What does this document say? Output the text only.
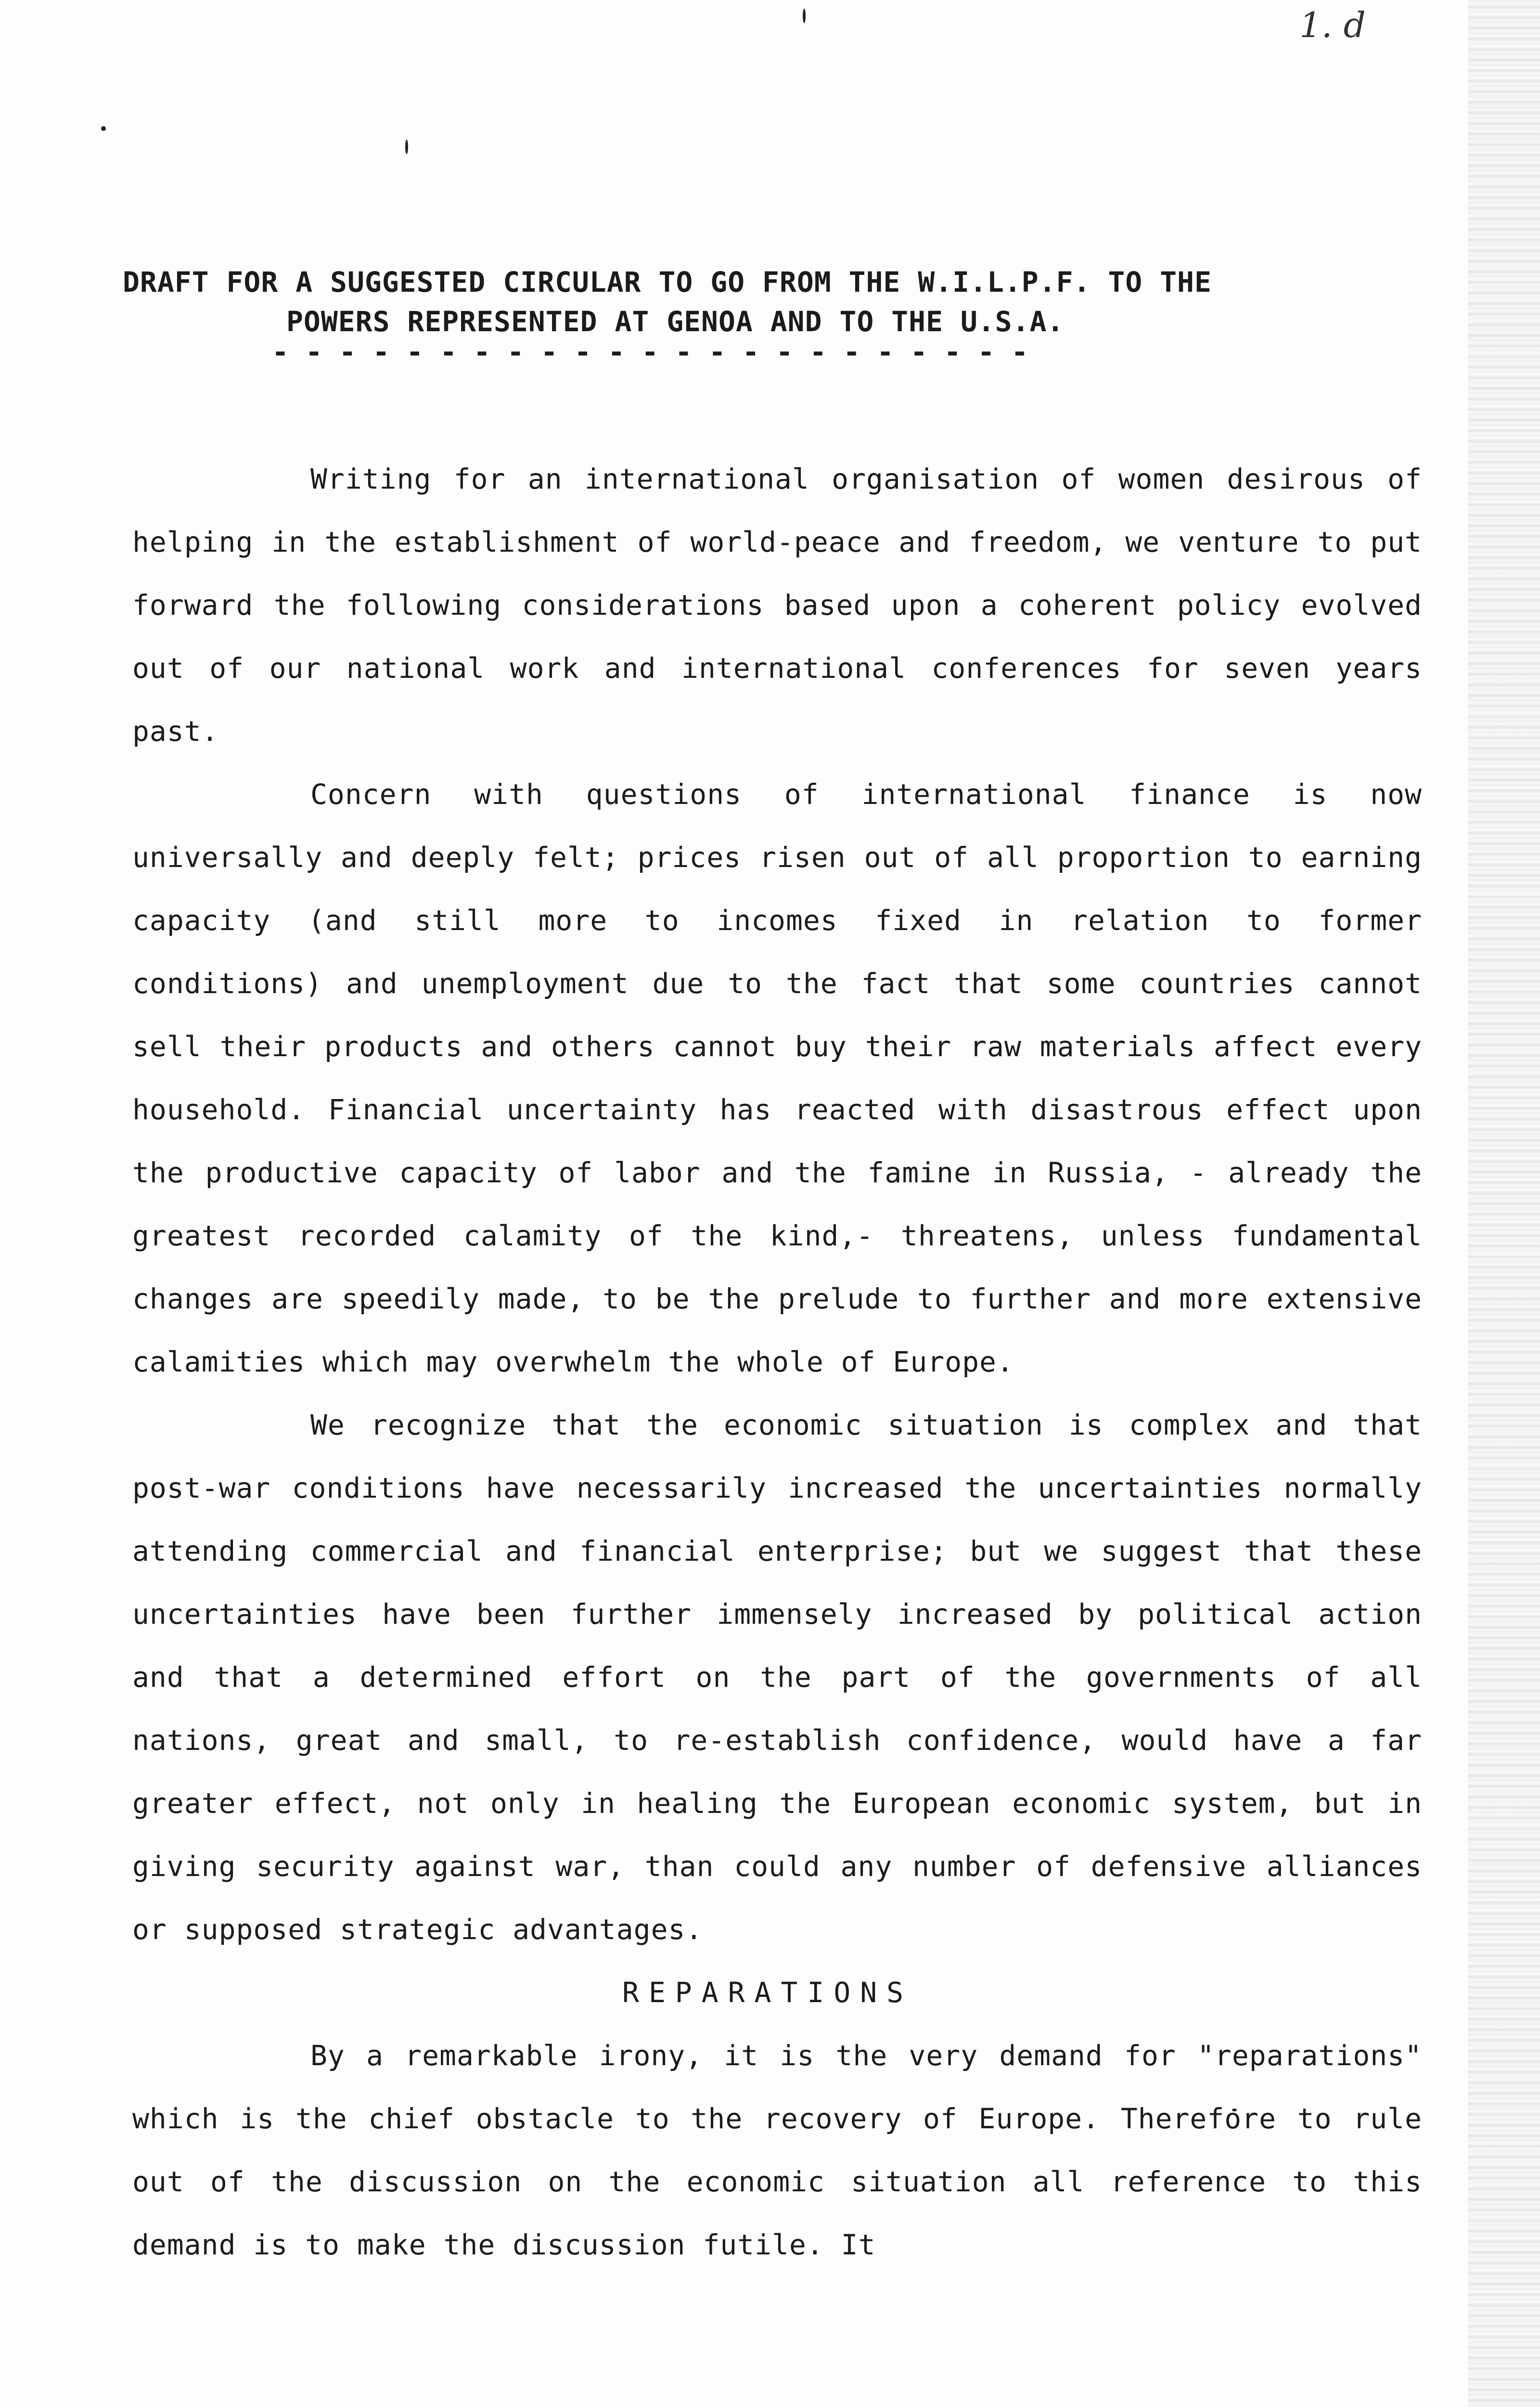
1. d
DRAFT FOR A SUGGESTED CIRCULAR TO GO FROM THE W.I.L.P.F. TO THE
POWERS REPRESENTED AT GENOA AND TO THE U.S.A.
- - - - - - - - - - - - - - - - - - - - - - -

Writing for an international organisation of women desirous of helping in the establishment of world-peace and freedom, we venture to put forward the following considerations based upon a coherent policy evolved out of our national work and international conferences for seven years past.

Concern with questions of international finance is now universally and deeply felt; prices risen out of all proportion to earning capacity (and still more to incomes fixed in relation to former conditions) and unemployment due to the fact that some countries cannot sell their products and others cannot buy their raw materials affect every household. Financial uncertainty has reacted with disastrous effect upon the productive capacity of labor and the famine in Russia, - already the greatest recorded calamity of the kind,- threatens, unless fundamental changes are speedily made, to be the prelude to further and more extensive calamities which may overwhelm the whole of Europe.

We recognize that the economic situation is complex and that post-war conditions have necessarily increased the uncertainties normally attending commercial and financial enterprise; but we suggest that these uncertainties have been further immensely increased by political action and that a determined effort on the part of the governments of all nations, great and small, to re-establish confidence, would have a far greater effect, not only in healing the European economic system, but in giving security against war, than could any number of defensive alliances or supposed strategic advantages.

REPARATIONS

By a remarkable irony, it is the very demand for "reparations" which is the chief obstacle to the recovery of Europe. Therefore to rule out of the discussion on the economic situation all reference to this demand is to make the discussion futile. It
